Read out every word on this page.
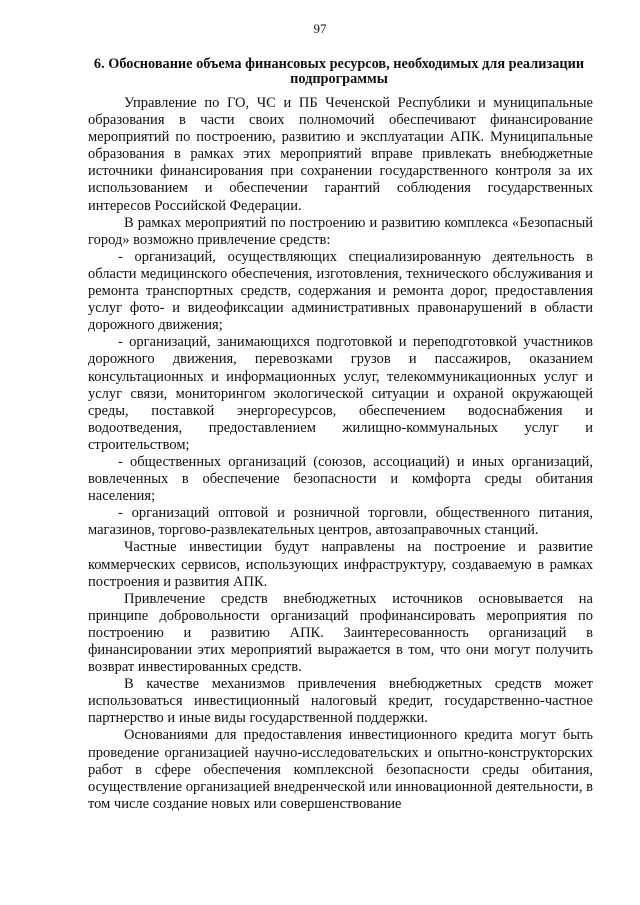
97
6. Обоснование объема финансовых ресурсов, необходимых для реализации подпрограммы

Управление по ГО, ЧС и ПБ Чеченской Республики и муниципальные образования в части своих полномочий обеспечивают финансирование мероприятий по построению, развитию и эксплуатации АПК. Муниципальные образования в рамках этих мероприятий вправе привлекать внебюджетные источники финансирования при сохранении государственного контроля за их использованием и обеспечении гарантий соблюдения государственных интересов Российской Федерации.

В рамках мероприятий по построению и развитию комплекса «Безопасный город» возможно привлечение средств:

- организаций, осуществляющих специализированную деятельность в области медицинского обеспечения, изготовления, технического обслуживания и ремонта транспортных средств, содержания и ремонта дорог, предоставления услуг фото- и видеофиксации административных правонарушений в области дорожного движения;

- организаций, занимающихся подготовкой и переподготовкой участников дорожного движения, перевозками грузов и пассажиров, оказанием консультационных и информационных услуг, телекоммуникационных услуг и услуг связи, мониторингом экологической ситуации и охраной окружающей среды, поставкой энергоресурсов, обеспечением водоснабжения и водоотведения, предоставлением жилищно-коммунальных услуг и строительством;

- общественных организаций (союзов, ассоциаций) и иных организаций, вовлеченных в обеспечение безопасности и комфорта среды обитания населения;

- организаций оптовой и розничной торговли, общественного питания, магазинов, торгово-развлекательных центров, автозаправочных станций.

Частные инвестиции будут направлены на построение и развитие коммерческих сервисов, использующих инфраструктуру, создаваемую в рамках построения и развития АПК.

Привлечение средств внебюджетных источников основывается на принципе добровольности организаций профинансировать мероприятия по построению и развитию АПК. Заинтересованность организаций в финансировании этих мероприятий выражается в том, что они могут получить возврат инвестированных средств.

В качестве механизмов привлечения внебюджетных средств может использоваться инвестиционный налоговый кредит, государственно-частное партнерство и иные виды государственной поддержки.

Основаниями для предоставления инвестиционного кредита могут быть проведение организацией научно-исследовательских и опытно-конструкторских работ в сфере обеспечения комплексной безопасности среды обитания, осуществление организацией внедренческой или инновационной деятельности, в том числе создание новых или совершенствование
